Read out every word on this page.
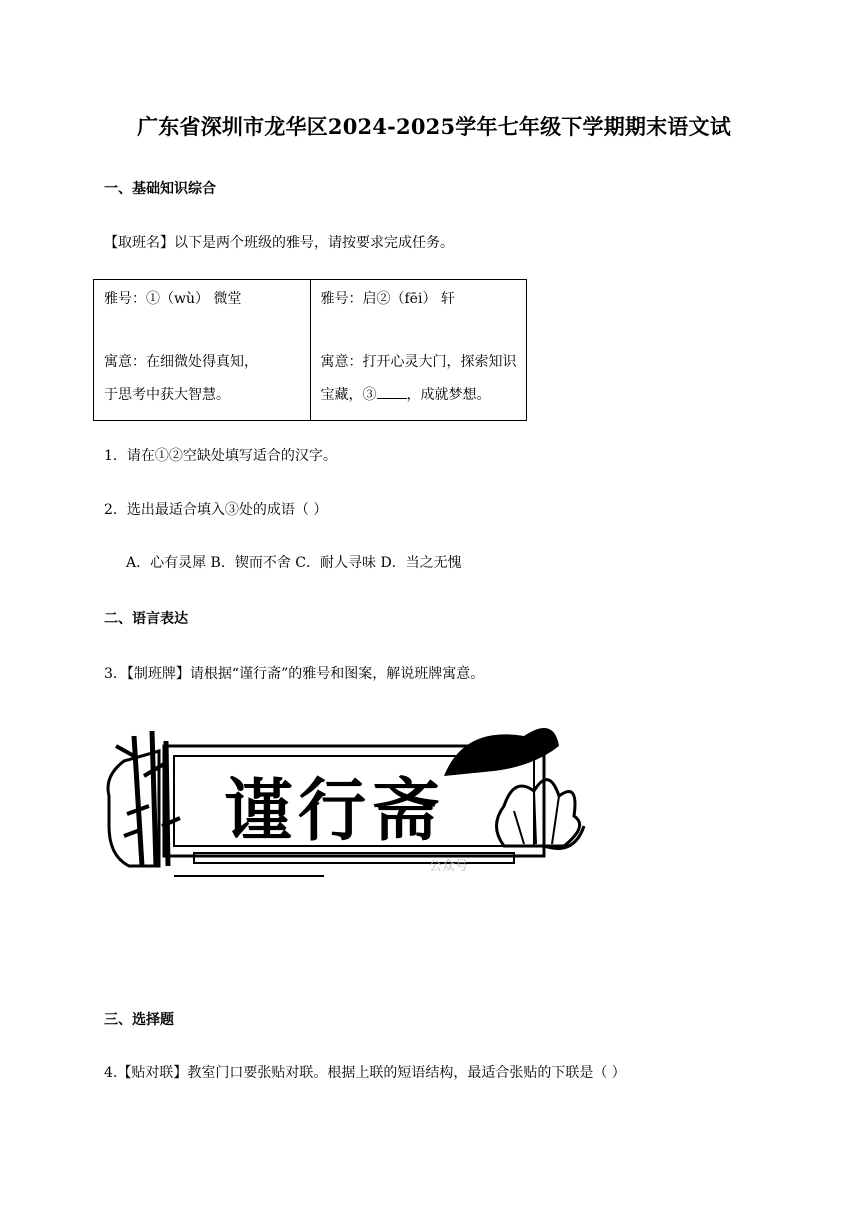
广东省深圳市龙华区2024-2025学年七年级下学期期末语文试
一、基础知识综合
【取班名】以下是两个班级的雅号，请按要求完成任务。
雅号：①（wù） 微堂
寓意：在细微处得真知，
于思考中获大智慧。

雅号：启②（fēi） 轩
寓意：打开心灵大门，探索知识
宝藏，③ ，成就梦想。
1．请在①②空缺处填写适合的汉字。
2．选出最适合填入③处的成语（ ）
A．心有灵犀 B．锲而不舍 C．耐人寻味 D．当之无愧
二、语言表达
3．【制班牌】请根据“谨行斋”的雅号和图案，解说班牌寓意。
谨行斋
公众号
三、选择题
4.【贴对联】教室门口要张贴对联。根据上联的短语结构，最适合张贴的下联是（ ）
